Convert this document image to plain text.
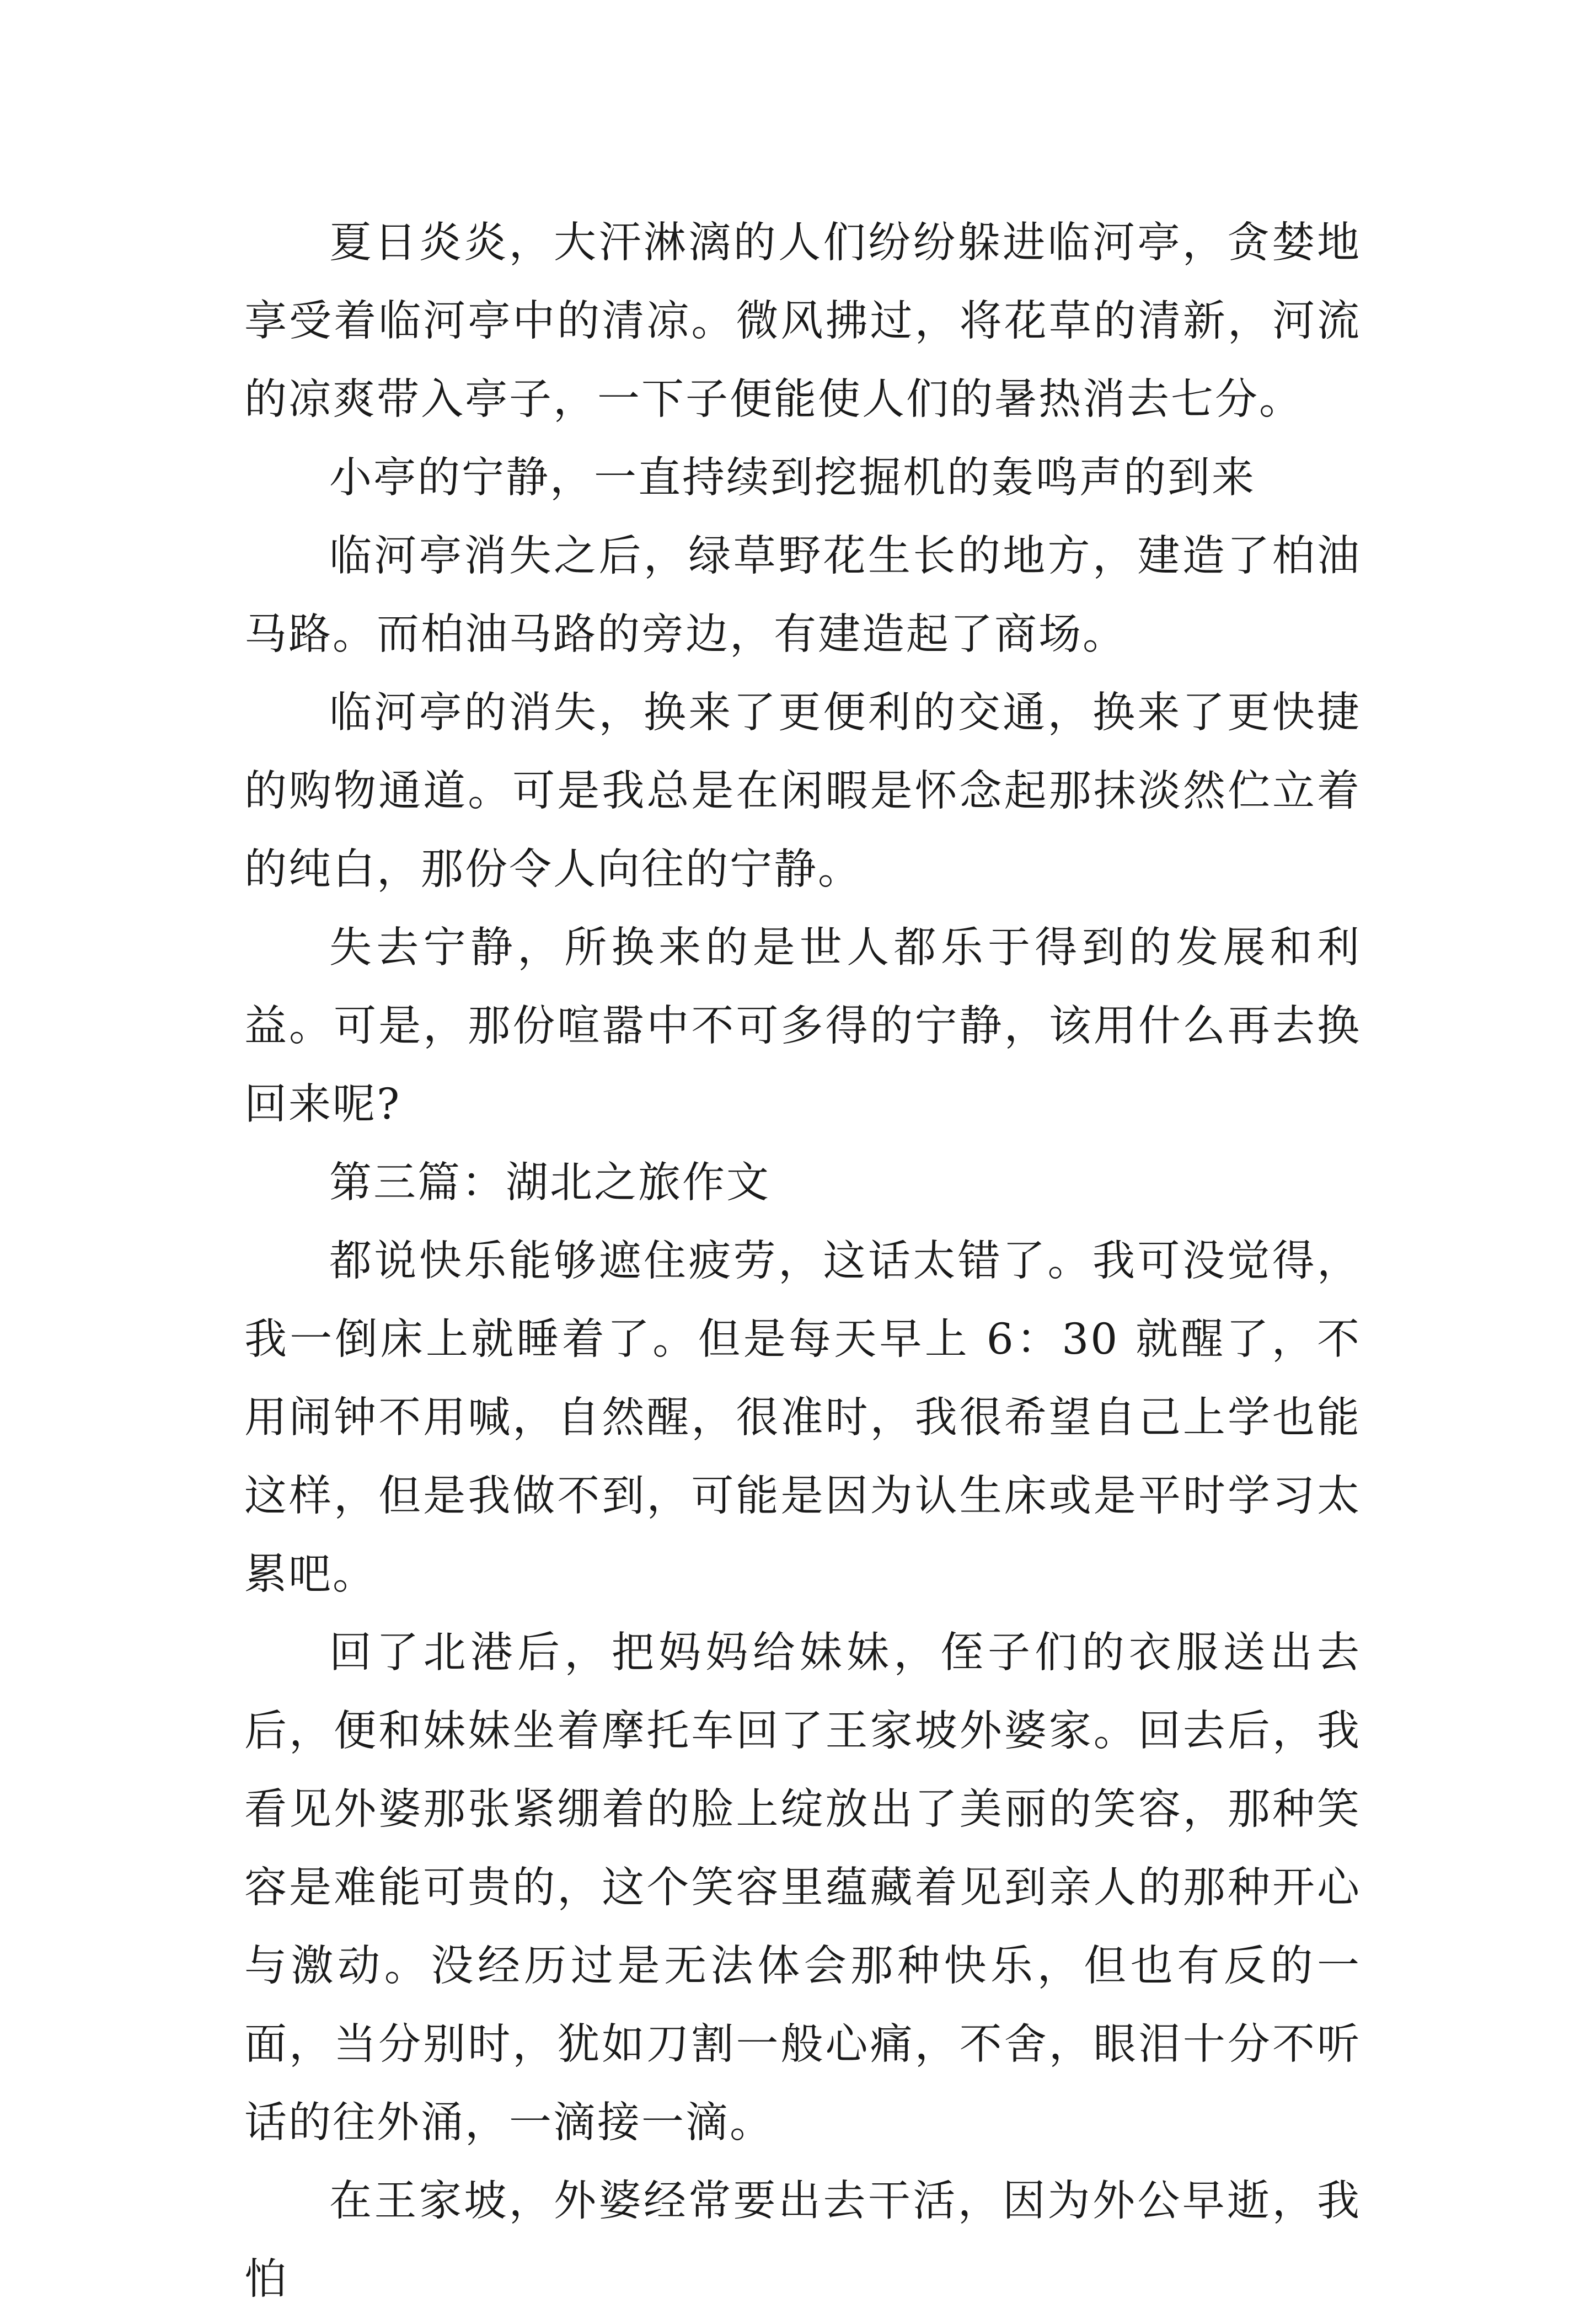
夏日炎炎，大汗淋漓的人们纷纷躲进临河亭，贪婪地享受着临河亭中的清凉。微风拂过，将花草的清新，河流的凉爽带入亭子，一下子便能使人们的暑热消去七分。

小亭的宁静，一直持续到挖掘机的轰鸣声的到来

临河亭消失之后，绿草野花生长的地方，建造了柏油马路。而柏油马路的旁边，有建造起了商场。

临河亭的消失，换来了更便利的交通，换来了更快捷的购物通道。可是我总是在闲暇是怀念起那抹淡然伫立着的纯白，那份令人向往的宁静。

失去宁静，所换来的是世人都乐于得到的发展和利益。可是，那份喧嚣中不可多得的宁静，该用什么再去换回来呢?

第三篇：湖北之旅作文

都说快乐能够遮住疲劳，这话太错了。我可没觉得，我一倒床上就睡着了。但是每天早上 6：30 就醒了，不用闹钟不用喊，自然醒，很准时，我很希望自己上学也能这样，但是我做不到，可能是因为认生床或是平时学习太累吧。

回了北港后，把妈妈给妹妹，侄子们的衣服送出去后，便和妹妹坐着摩托车回了王家坡外婆家。回去后，我看见外婆那张紧绷着的脸上绽放出了美丽的笑容，那种笑容是难能可贵的，这个笑容里蕴藏着见到亲人的那种开心与激动。没经历过是无法体会那种快乐，但也有反的一面，当分别时，犹如刀割一般心痛，不舍，眼泪十分不听话的往外涌，一滴接一滴。

在王家坡，外婆经常要出去干活，因为外公早逝，我怕
